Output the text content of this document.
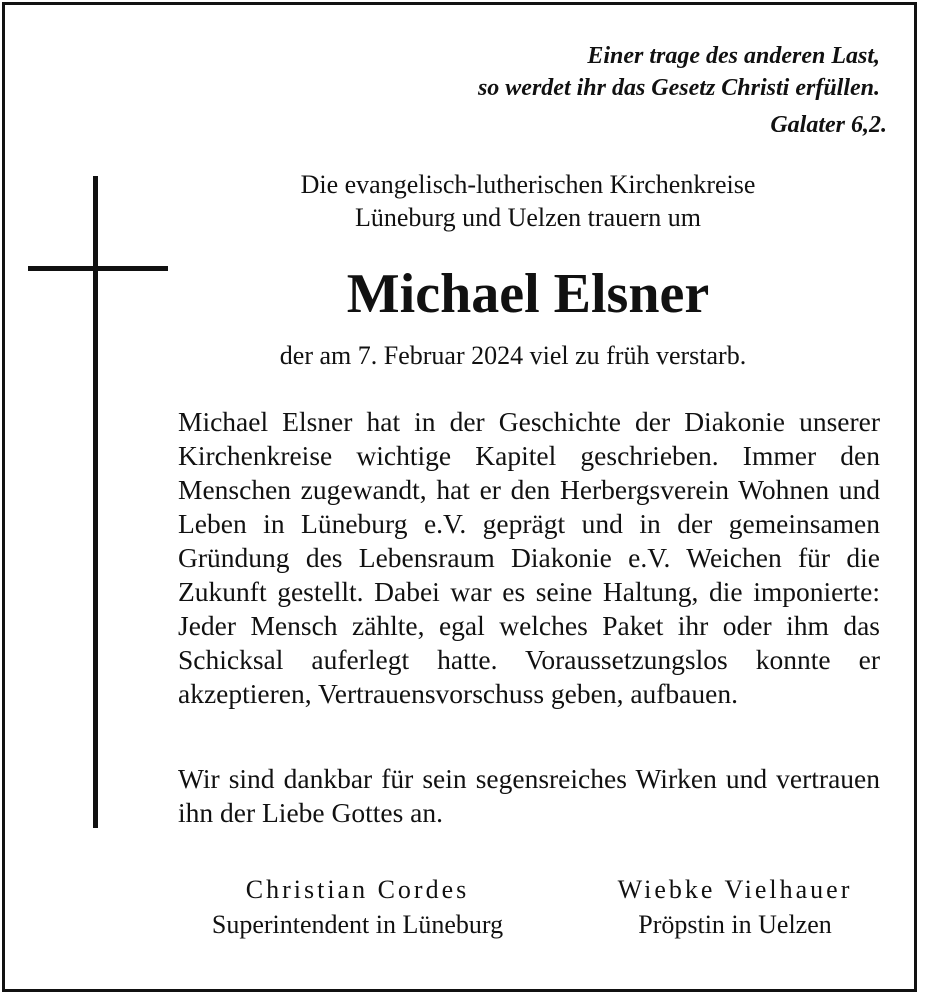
Einer trage des anderen Last,
so werdet ihr das Gesetz Christi erfüllen.
Galater 6,2.
Die evangelisch-lutherischen Kirchenkreise
Lüneburg und Uelzen trauern um
Michael Elsner
der am 7. Februar 2024 viel zu früh verstarb.
Michael Elsner hat in der Geschichte der Diakonie unserer Kirchenkreise wichtige Kapitel geschrieben. Immer den Menschen zugewandt, hat er den Herbergsverein Wohnen und Leben in Lüneburg e.V. geprägt und in der gemeinsamen Gründung des Lebensraum Diakonie e.V. Weichen für die Zukunft gestellt. Dabei war es seine Haltung, die imponierte: Jeder Mensch zählte, egal welches Paket ihr oder ihm das Schicksal auferlegt hatte. Voraussetzungslos konnte er akzeptieren, Vertrauensvorschuss geben, aufbauen.
Wir sind dankbar für sein segensreiches Wirken und vertrauen ihn der Liebe Gottes an.
Christian Cordes
Superintendent in Lüneburg
Wiebke Vielhauer
Pröpstin in Uelzen
